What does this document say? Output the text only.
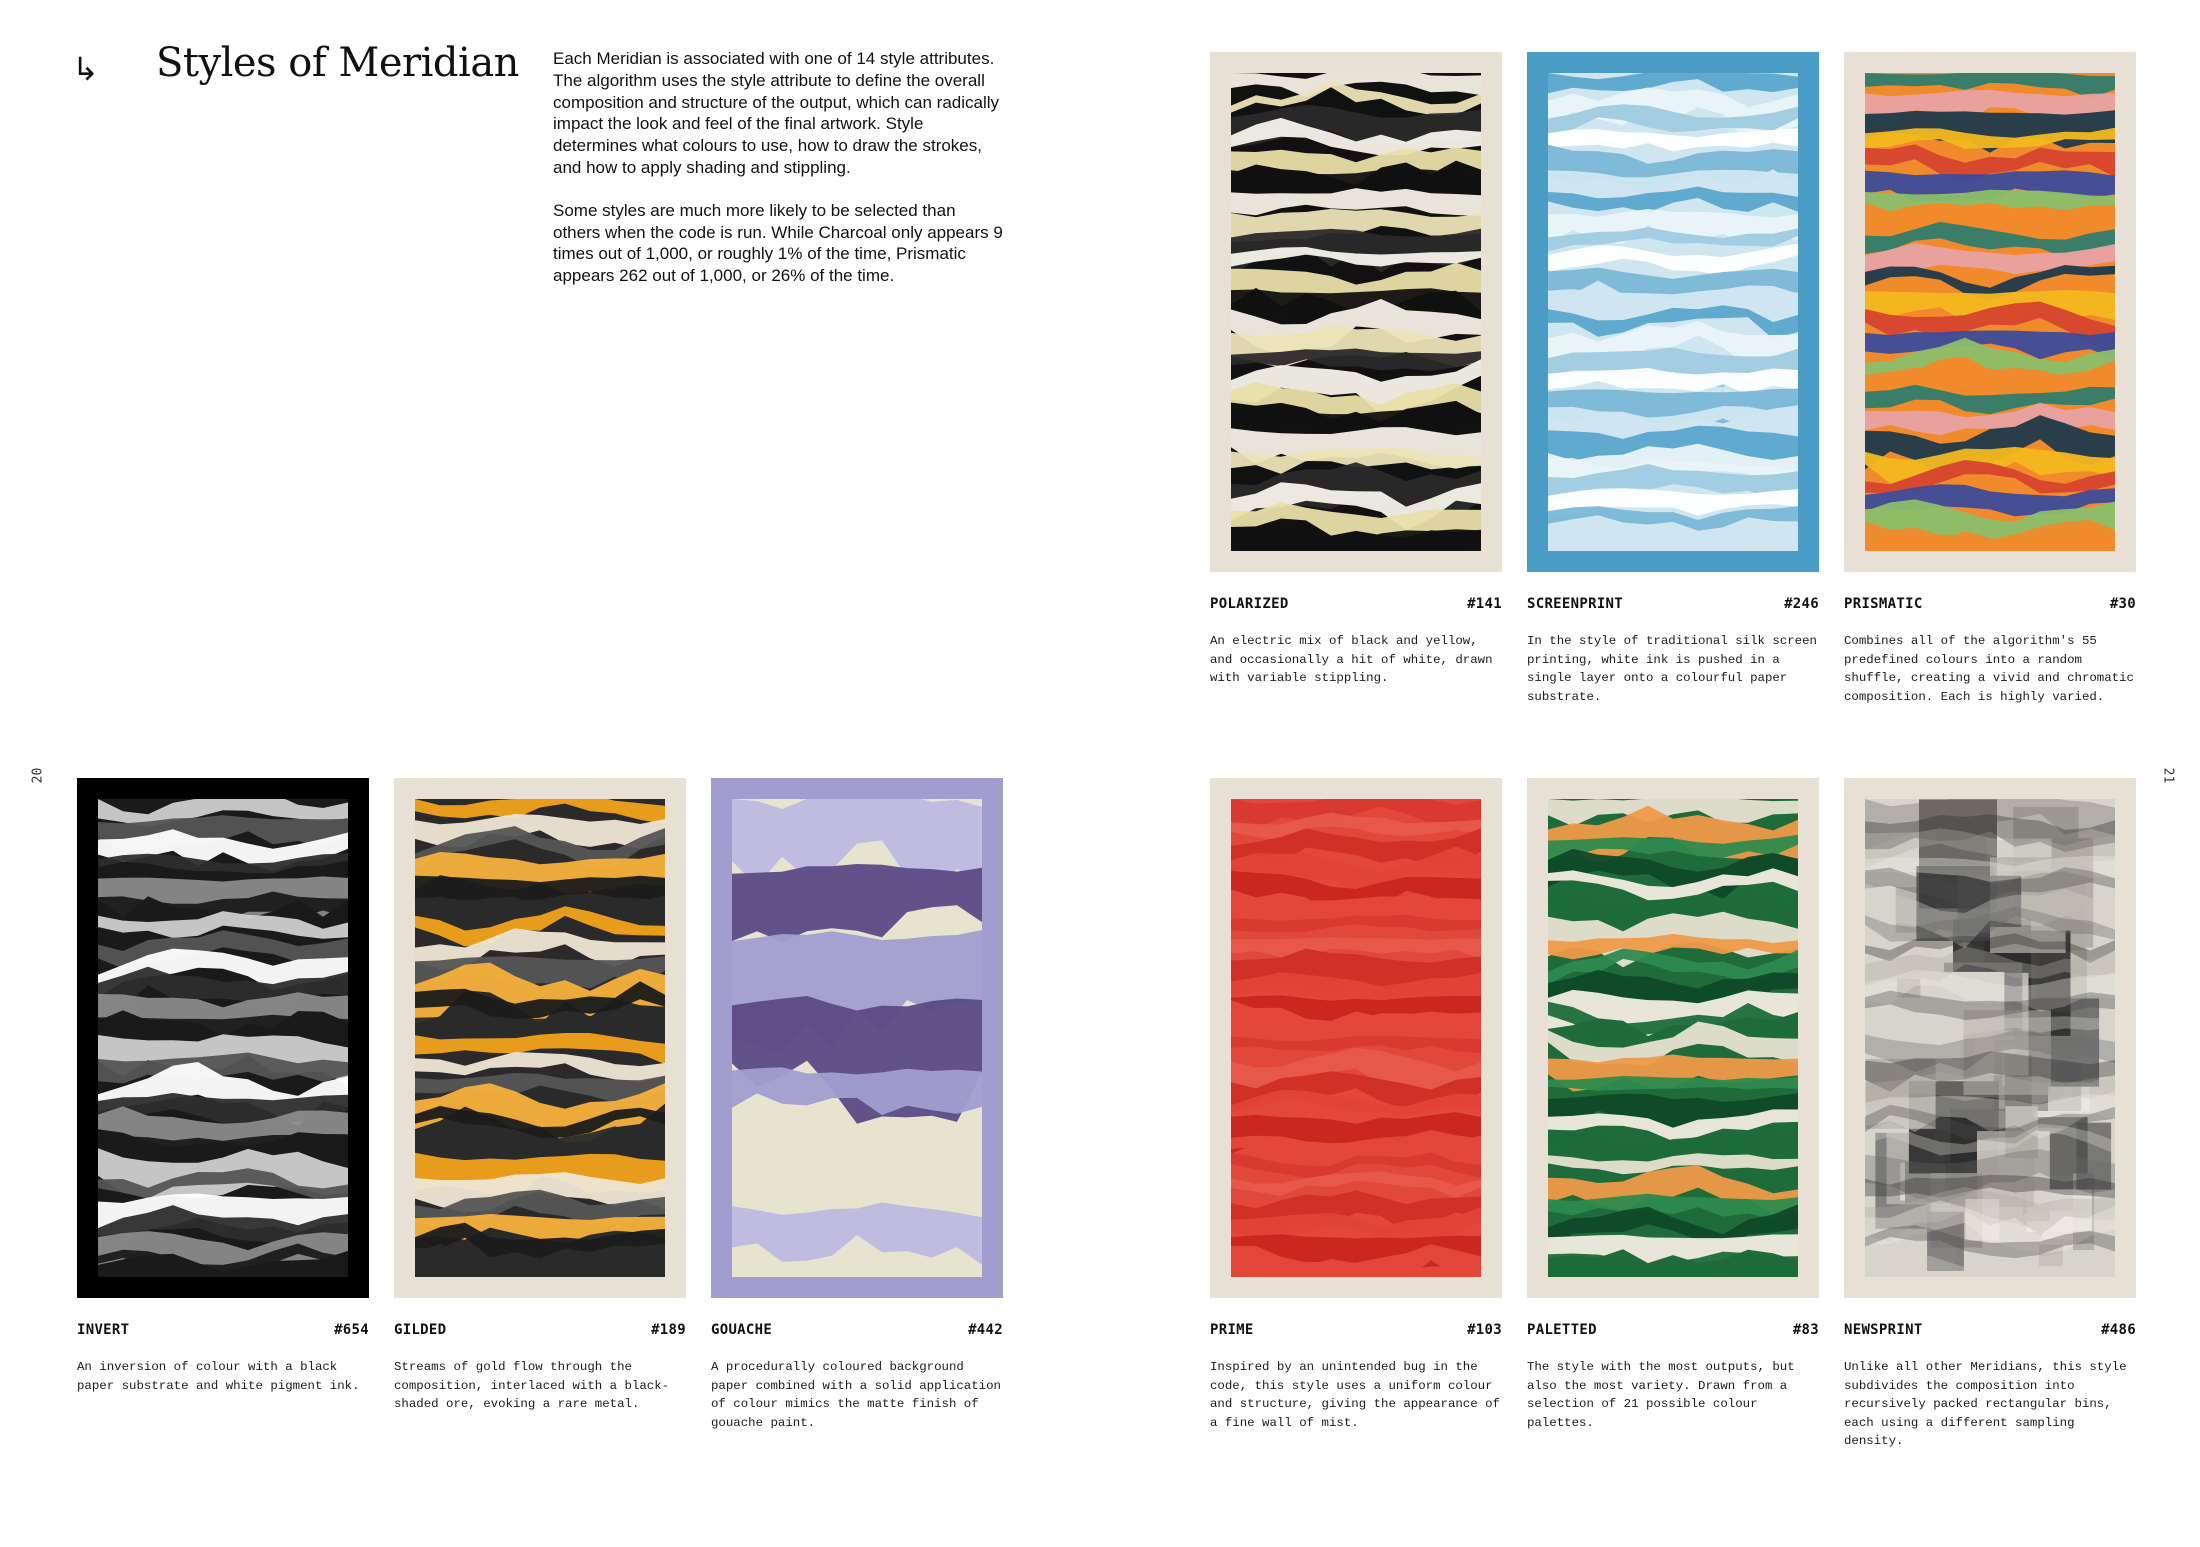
↳ Styles of Meridian Each Meridian is associated with one of 14 style attributes. The algorithm uses the style attribute to define the overall composition and structure of the output, which can radically impact the look and feel of the final artwork. Style determines what colours to use, how to draw the strokes, and how to apply shading and stippling.

Some styles are much more likely to be selected than others when the code is run. While Charcoal only appears 9 times out of 1,000, or roughly 1% of the time, Prismatic appears 262 out of 1,000, or 26% of the time.

20	21
POLARIZED	#141
An electric mix of black and yellow, and occasionally a hit of white, drawn with variable stippling.
SCREENPRINT	#246
In the style of traditional silk screen printing, white ink is pushed in a single layer onto a colourful paper substrate.
PRISMATIC	#30
Combines all of the algorithm's 55 predefined colours into a random shuffle, creating a vivid and chromatic composition. Each is highly varied.
INVERT	#654
An inversion of colour with a black paper substrate and white pigment ink.
GILDED	#189
Streams of gold flow through the composition, interlaced with a black-shaded ore, evoking a rare metal.
GOUACHE	#442
A procedurally coloured background paper combined with a solid application of colour mimics the matte finish of gouache paint.
PRIME	#103
Inspired by an unintended bug in the code, this style uses a uniform colour and structure, giving the appearance of a fine wall of mist.
PALETTED	#83
The style with the most outputs, but also the most variety. Drawn from a selection of 21 possible colour palettes.
NEWSPRINT	#486
Unlike all other Meridians, this style subdivides the composition into recursively packed rectangular bins, each using a different sampling density.
